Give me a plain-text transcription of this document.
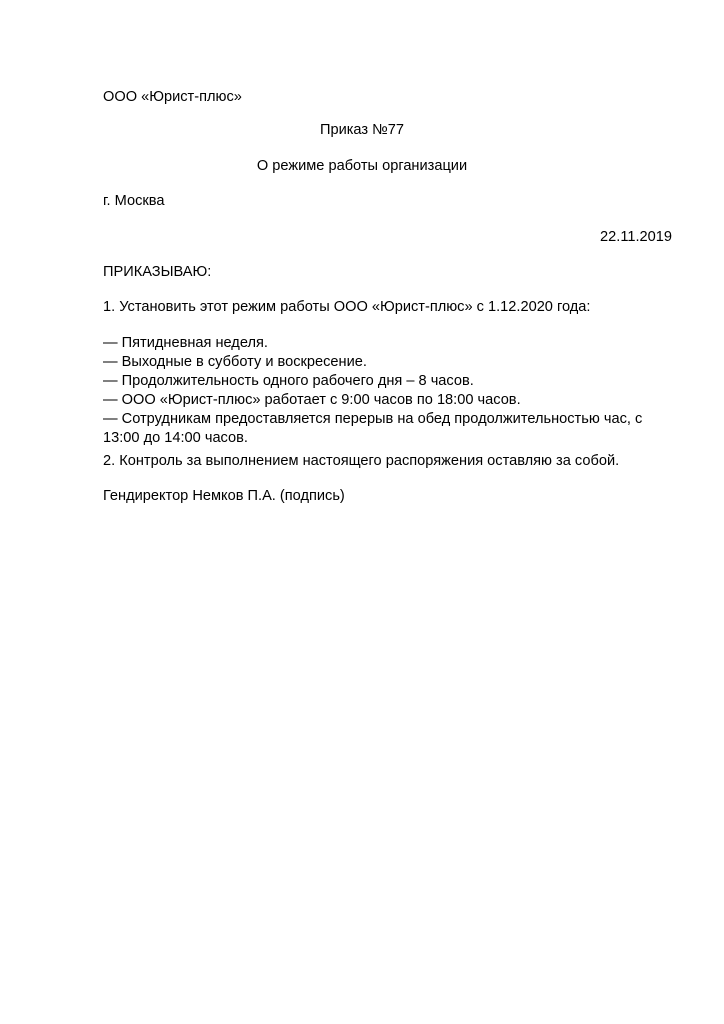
ООО «Юрист-плюс»
Приказ №77
О режиме работы организации
г. Москва
22.11.2019
ПРИКАЗЫВАЮ:
1. Установить этот режим работы ООО «Юрист-плюс» с 1.12.2020 года:
— Пятидневная неделя.
— Выходные в субботу и воскресение.
— Продолжительность одного рабочего дня – 8 часов.
— ООО «Юрист-плюс» работает с 9:00 часов по 18:00 часов.
— Сотрудникам предоставляется перерыв на обед продолжительностью час, с
13:00 до 14:00 часов.
2. Контроль за выполнением настоящего распоряжения оставляю за собой.
Гендиректор Немков П.А. (подпись)
